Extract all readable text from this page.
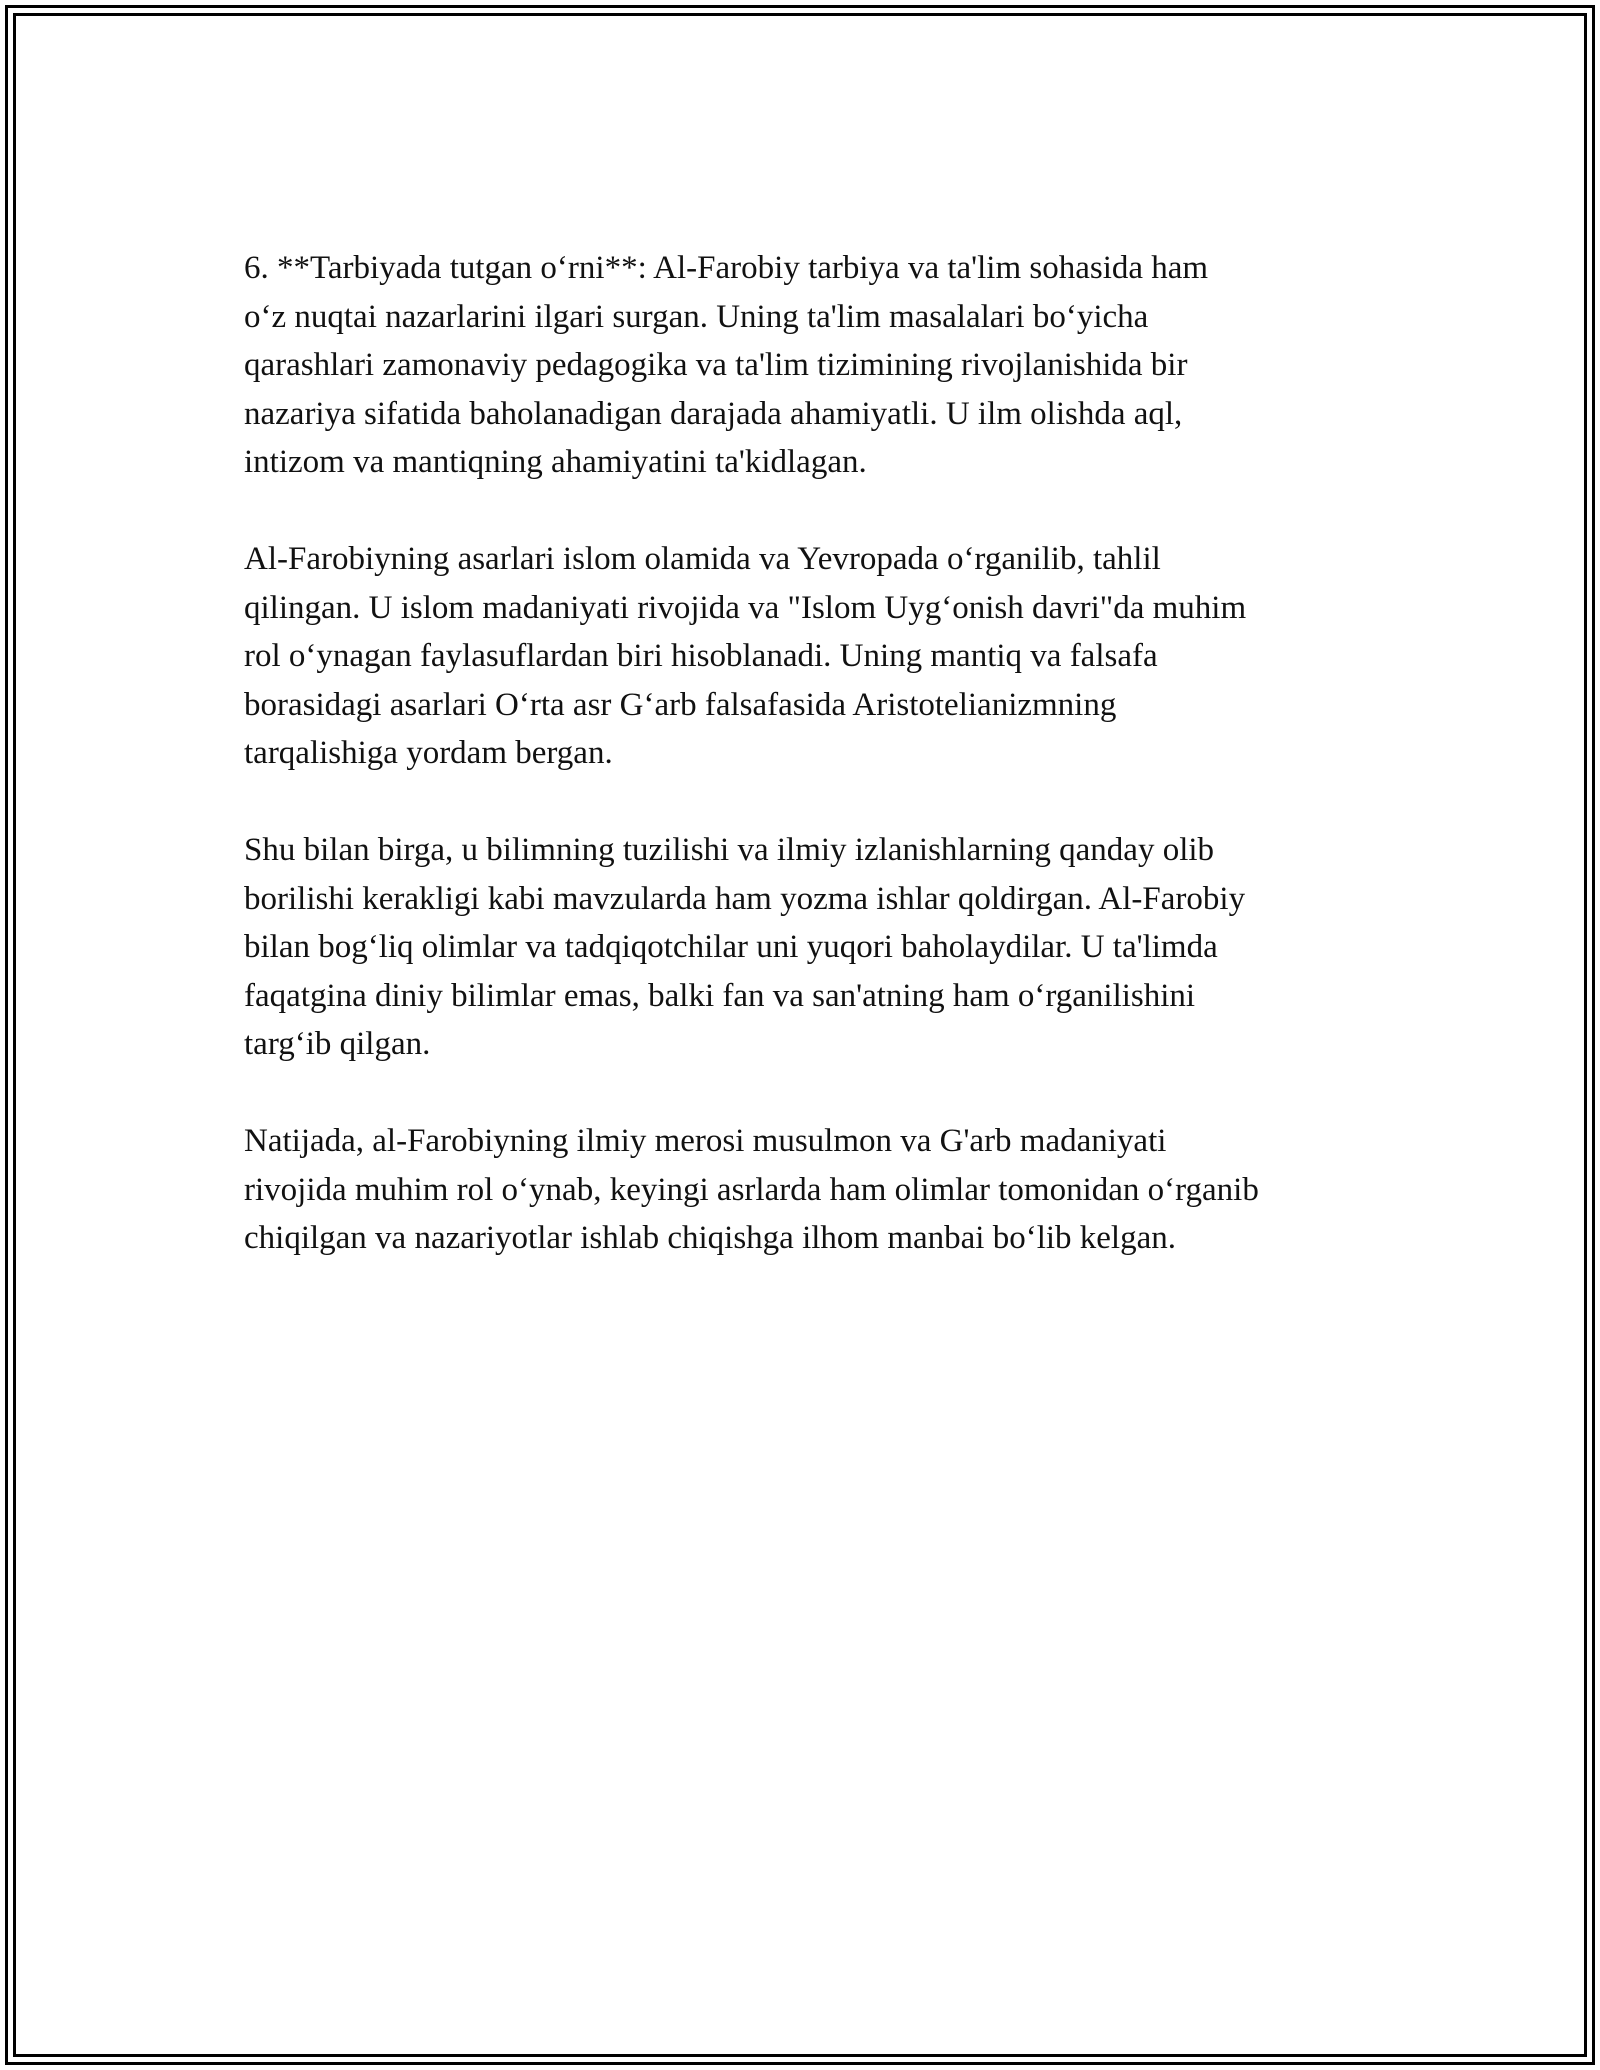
6. **Tarbiyada tutgan o‘rni**: Al-Farobiy tarbiya va ta'lim sohasida ham
o‘z nuqtai nazarlarini ilgari surgan. Uning ta'lim masalalari bo‘yicha
qarashlari zamonaviy pedagogika va ta'lim tizimining rivojlanishida bir
nazariya sifatida baholanadigan darajada ahamiyatli. U ilm olishda aql,
intizom va mantiqning ahamiyatini ta'kidlagan.

Al-Farobiyning asarlari islom olamida va Yevropada o‘rganilib, tahlil
qilingan. U islom madaniyati rivojida va "Islom Uyg‘onish davri"da muhim
rol o‘ynagan faylasuflardan biri hisoblanadi. Uning mantiq va falsafa
borasidagi asarlari O‘rta asr G‘arb falsafasida Aristotelianizmning
tarqalishiga yordam bergan.

Shu bilan birga, u bilimning tuzilishi va ilmiy izlanishlarning qanday olib
borilishi kerakligi kabi mavzularda ham yozma ishlar qoldirgan. Al-Farobiy
bilan bog‘liq olimlar va tadqiqotchilar uni yuqori baholaydilar. U ta'limda
faqatgina diniy bilimlar emas, balki fan va san'atning ham o‘rganilishini
targ‘ib qilgan.

Natijada, al-Farobiyning ilmiy merosi musulmon va G'arb madaniyati
rivojida muhim rol o‘ynab, keyingi asrlarda ham olimlar tomonidan o‘rganib
chiqilgan va nazariyotlar ishlab chiqishga ilhom manbai bo‘lib kelgan.
